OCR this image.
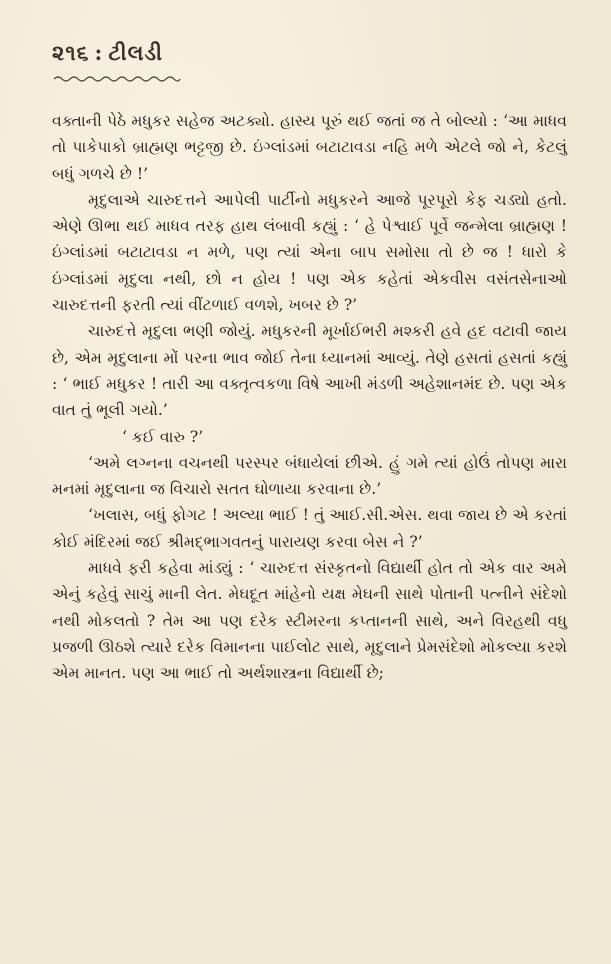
૨૧૬ : ટીલડી

વક્તાની પેઠે મધુકર સહેજ અટક્યો. હાસ્ય પૂરું થઈ જતાં જ તે બોલ્યો : ‘આ માધવ તો પાકેપાકો બ્રાહ્મણ ભટ્ટજી છે. ઇંગ્લાંડમાં બટાટાવડા નહિ મળે એટલે જો ને, કેટલું બધું ગળચે છે !’

મૃદુલાએ ચારુદત્તને આપેલી પાર્ટીનો મધુકરને આજે પૂરપૂરો કેફ ચડ્યો હતો. એણે ઊભા થઈ માધવ તરફ હાથ લંબાવી કહ્યું : ‘ હે પેશ્વાઈ પૂર્વે જન્મેલા બ્રાહ્મણ ! ઇંગ્લાંડમાં બટાટાવડા ન મળે, પણ ત્યાં એના બાપ સમોસા તો છે જ ! ધારો કે ઇંગ્લાંડમાં મૃદુલા નથી, છો ન હોય ! પણ એક કહેતાં એકવીસ વસંતસેનાઓ ચારુદત્તની ફરતી ત્યાં વીંટળાઈ વળશે, ખબર છે ?’

ચારુદત્તે મૃદુલા ભણી જોયું. મધુકરની મૂર્ખાઈભરી મશ્કરી હવે હદ વટાવી જાય છે, એમ મૃદુલાના મોં પરના ભાવ જોઈ તેના ધ્યાનમાં આવ્યું. તેણે હસતાં હસતાં કહ્યું : ‘ ભાઈ મધુકર ! તારી આ વક્તૃત્વકળા વિષે આખી મંડળી અહેશાનમંદ છે. પણ એક વાત તું ભૂલી ગયો.’

‘ કઈ વારુ ?’

‘અમે લગ્નના વચનથી પરસ્પર બંધાયેલાં છીએ. હું ગમે ત્યાં હોઉં તોપણ મારા મનમાં મૃદુલાના જ વિચારો સતત ઘોળાયા કરવાના છે.’

‘ખલાસ, બધું ફોગટ ! અલ્યા ભાઈ ! તું આઈ.સી.એસ. થવા જાય છે એ કરતાં કોઈ મંદિરમાં જઈ શ્રીમદ્ભાગવતનું પારાયણ કરવા બેસ ને ?’

માધવે ફરી કહેવા માંડ્યું : ‘ ચારુદત્ત સંસ્કૃતનો વિદ્યાર્થી હોત તો એક વાર અમે એનું કહેવું સાચું માની લેત. મેઘદૂત માંહેનો યક્ષ મેઘની સાથે પોતાની પત્નીને સંદેશો નથી મોકલતો ? તેમ આ પણ દરેક સ્ટીમરના કપ્તાનની સાથે, અને વિરહથી વધુ પ્રજળી ઊઠશે ત્યારે દરેક વિમાનના પાઈલોટ સાથે, મૃદુલાને પ્રેમસંદેશો મોકલ્યા કરશે એમ માનત. પણ આ ભાઈ તો અર્થશાસ્ત્રના વિદ્યાર્થી છે;
